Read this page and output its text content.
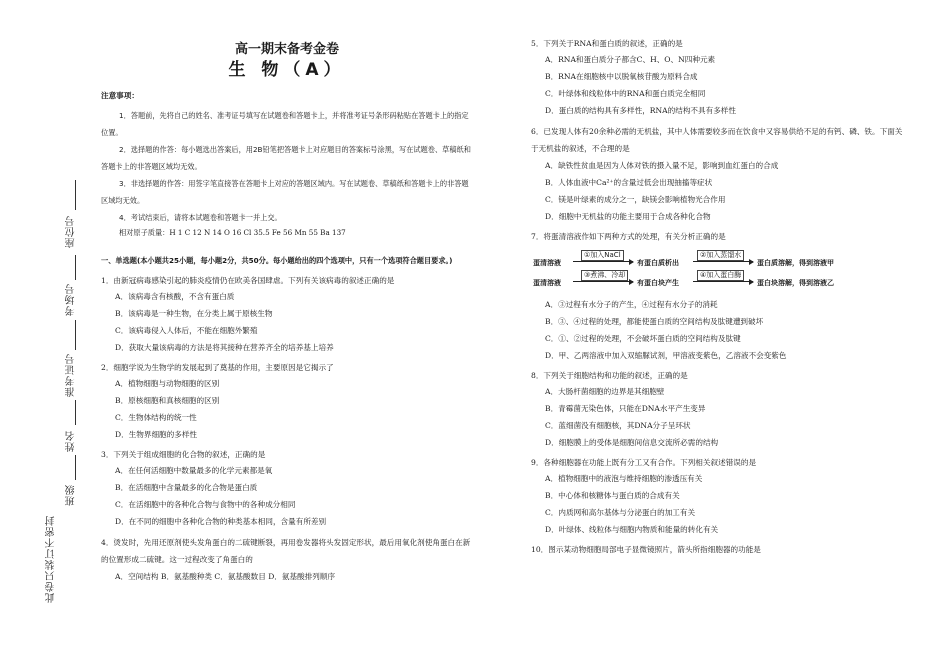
座位号
考场号
准考证号
姓名
班级
此卷只装订不密封
高一期末备考金卷
生 物（A）
注意事项：

1．答题前，先将自己的姓名、准考证号填写在试题卷和答题卡上，并将准考证号条形码粘贴在答题卡上的指定位置。

2．选择题的作答：每小题选出答案后，用2B铅笔把答题卡上对应题目的答案标号涂黑，写在试题卷、草稿纸和答题卡上的非答题区域均无效。

3．非选择题的作答：用签字笔直接答在答题卡上对应的答题区域内。写在试题卷、草稿纸和答题卡上的非答题区域均无效。

4．考试结束后，请将本试题卷和答题卡一并上交。

相对原子质量：H 1 C 12 N 14 O 16 Cl 35.5 Fe 56 Mn 55 Ba 137
一、单选题(本小题共25小题，每小题2分，共50分。每小题给出的四个选项中，只有一个选项符合题目要求。)
1．由新冠病毒感染引起的肺炎疫情仍在欧美各国肆虐。下列有关该病毒的叙述正确的是
A．该病毒含有核酸，不含有蛋白质
B．该病毒是一种生物，在分类上属于原核生物
C．该病毒侵入人体后，不能在细胞外繁殖
D．获取大量该病毒的方法是将其接种在营养齐全的培养基上培养
2．细胞学说为生物学的发展起到了奠基的作用，主要原因是它揭示了
A．植物细胞与动物细胞的区别
B．原核细胞和真核细胞的区别
C．生物体结构的统一性
D．生物界细胞的多样性
3．下列关于组成细胞的化合物的叙述，正确的是
A．在任何活细胞中数量最多的化学元素都是氧
B．在活细胞中含量最多的化合物是蛋白质
C．在活细胞中的各种化合物与食物中的各种成分相同
D．在不同的细胞中各种化合物的种类基本相同，含量有所差别
4．烫发时，先用还原剂使头发角蛋白的二硫键断裂，再用卷发器将头发固定形状，最后用氧化剂使角蛋白在新的位置形成二硫键。这一过程改变了角蛋白的
A．空间结构 B．氨基酸种类 C．氨基酸数目 D．氨基酸排列顺序
5．下列关于RNA和蛋白质的叙述，正确的是
A．RNA和蛋白质分子都含C、H、O、N四种元素
B．RNA在细胞核中以脱氧核苷酸为原料合成
C．叶绿体和线粒体中的RNA和蛋白质完全相同
D．蛋白质的结构具有多样性，RNA的结构不具有多样性
6．已发现人体有20余种必需的无机盐，其中人体需要较多而在饮食中又容易供给不足的有钙、磷、铁。下面关于无机盐的叙述，不合理的是
A．缺铁性贫血是因为人体对铁的摄入量不足，影响到血红蛋白的合成
B．人体血液中Ca²⁺的含量过低会出现抽搐等症状
C．镁是叶绿素的成分之一，缺镁会影响植物光合作用
D．细胞中无机盐的功能主要用于合成各种化合物
7．将蛋清溶液作如下两种方式的处理，有关分析正确的是
蛋清溶液
①加入NaCl
有蛋白质析出
②加入蒸馏水
蛋白质溶解，得到溶液甲
蛋清溶液
③煮沸、冷却
有蛋白块产生
④加入蛋白酶
蛋白块溶解，得到溶液乙
A．③过程有水分子的产生，④过程有水分子的消耗
B．③、④过程的处理，都能使蛋白质的空间结构及肽键遭到破坏
C．①、②过程的处理，不会破坏蛋白质的空间结构及肽键
D．甲、乙两溶液中加入双缩脲试剂，甲溶液变紫色，乙溶液不会变紫色
8．下列关于细胞结构和功能的叙述，正确的是
A．大肠杆菌细胞的边界是其细胞壁
B．青霉菌无染色体，只能在DNA水平产生变异
C．蓝细菌没有细胞核，其DNA分子呈环状
D．细胞膜上的受体是细胞间信息交流所必需的结构
9．各种细胞器在功能上既有分工又有合作。下列相关叙述错误的是
A．植物细胞中的液泡与维持细胞的渗透压有关
B．中心体和核糖体与蛋白质的合成有关
C．内质网和高尔基体与分泌蛋白的加工有关
D．叶绿体、线粒体与细胞内物质和能量的转化有关
10．图示某动物细胞局部电子显微镜照片，箭头所指细胞器的功能是
